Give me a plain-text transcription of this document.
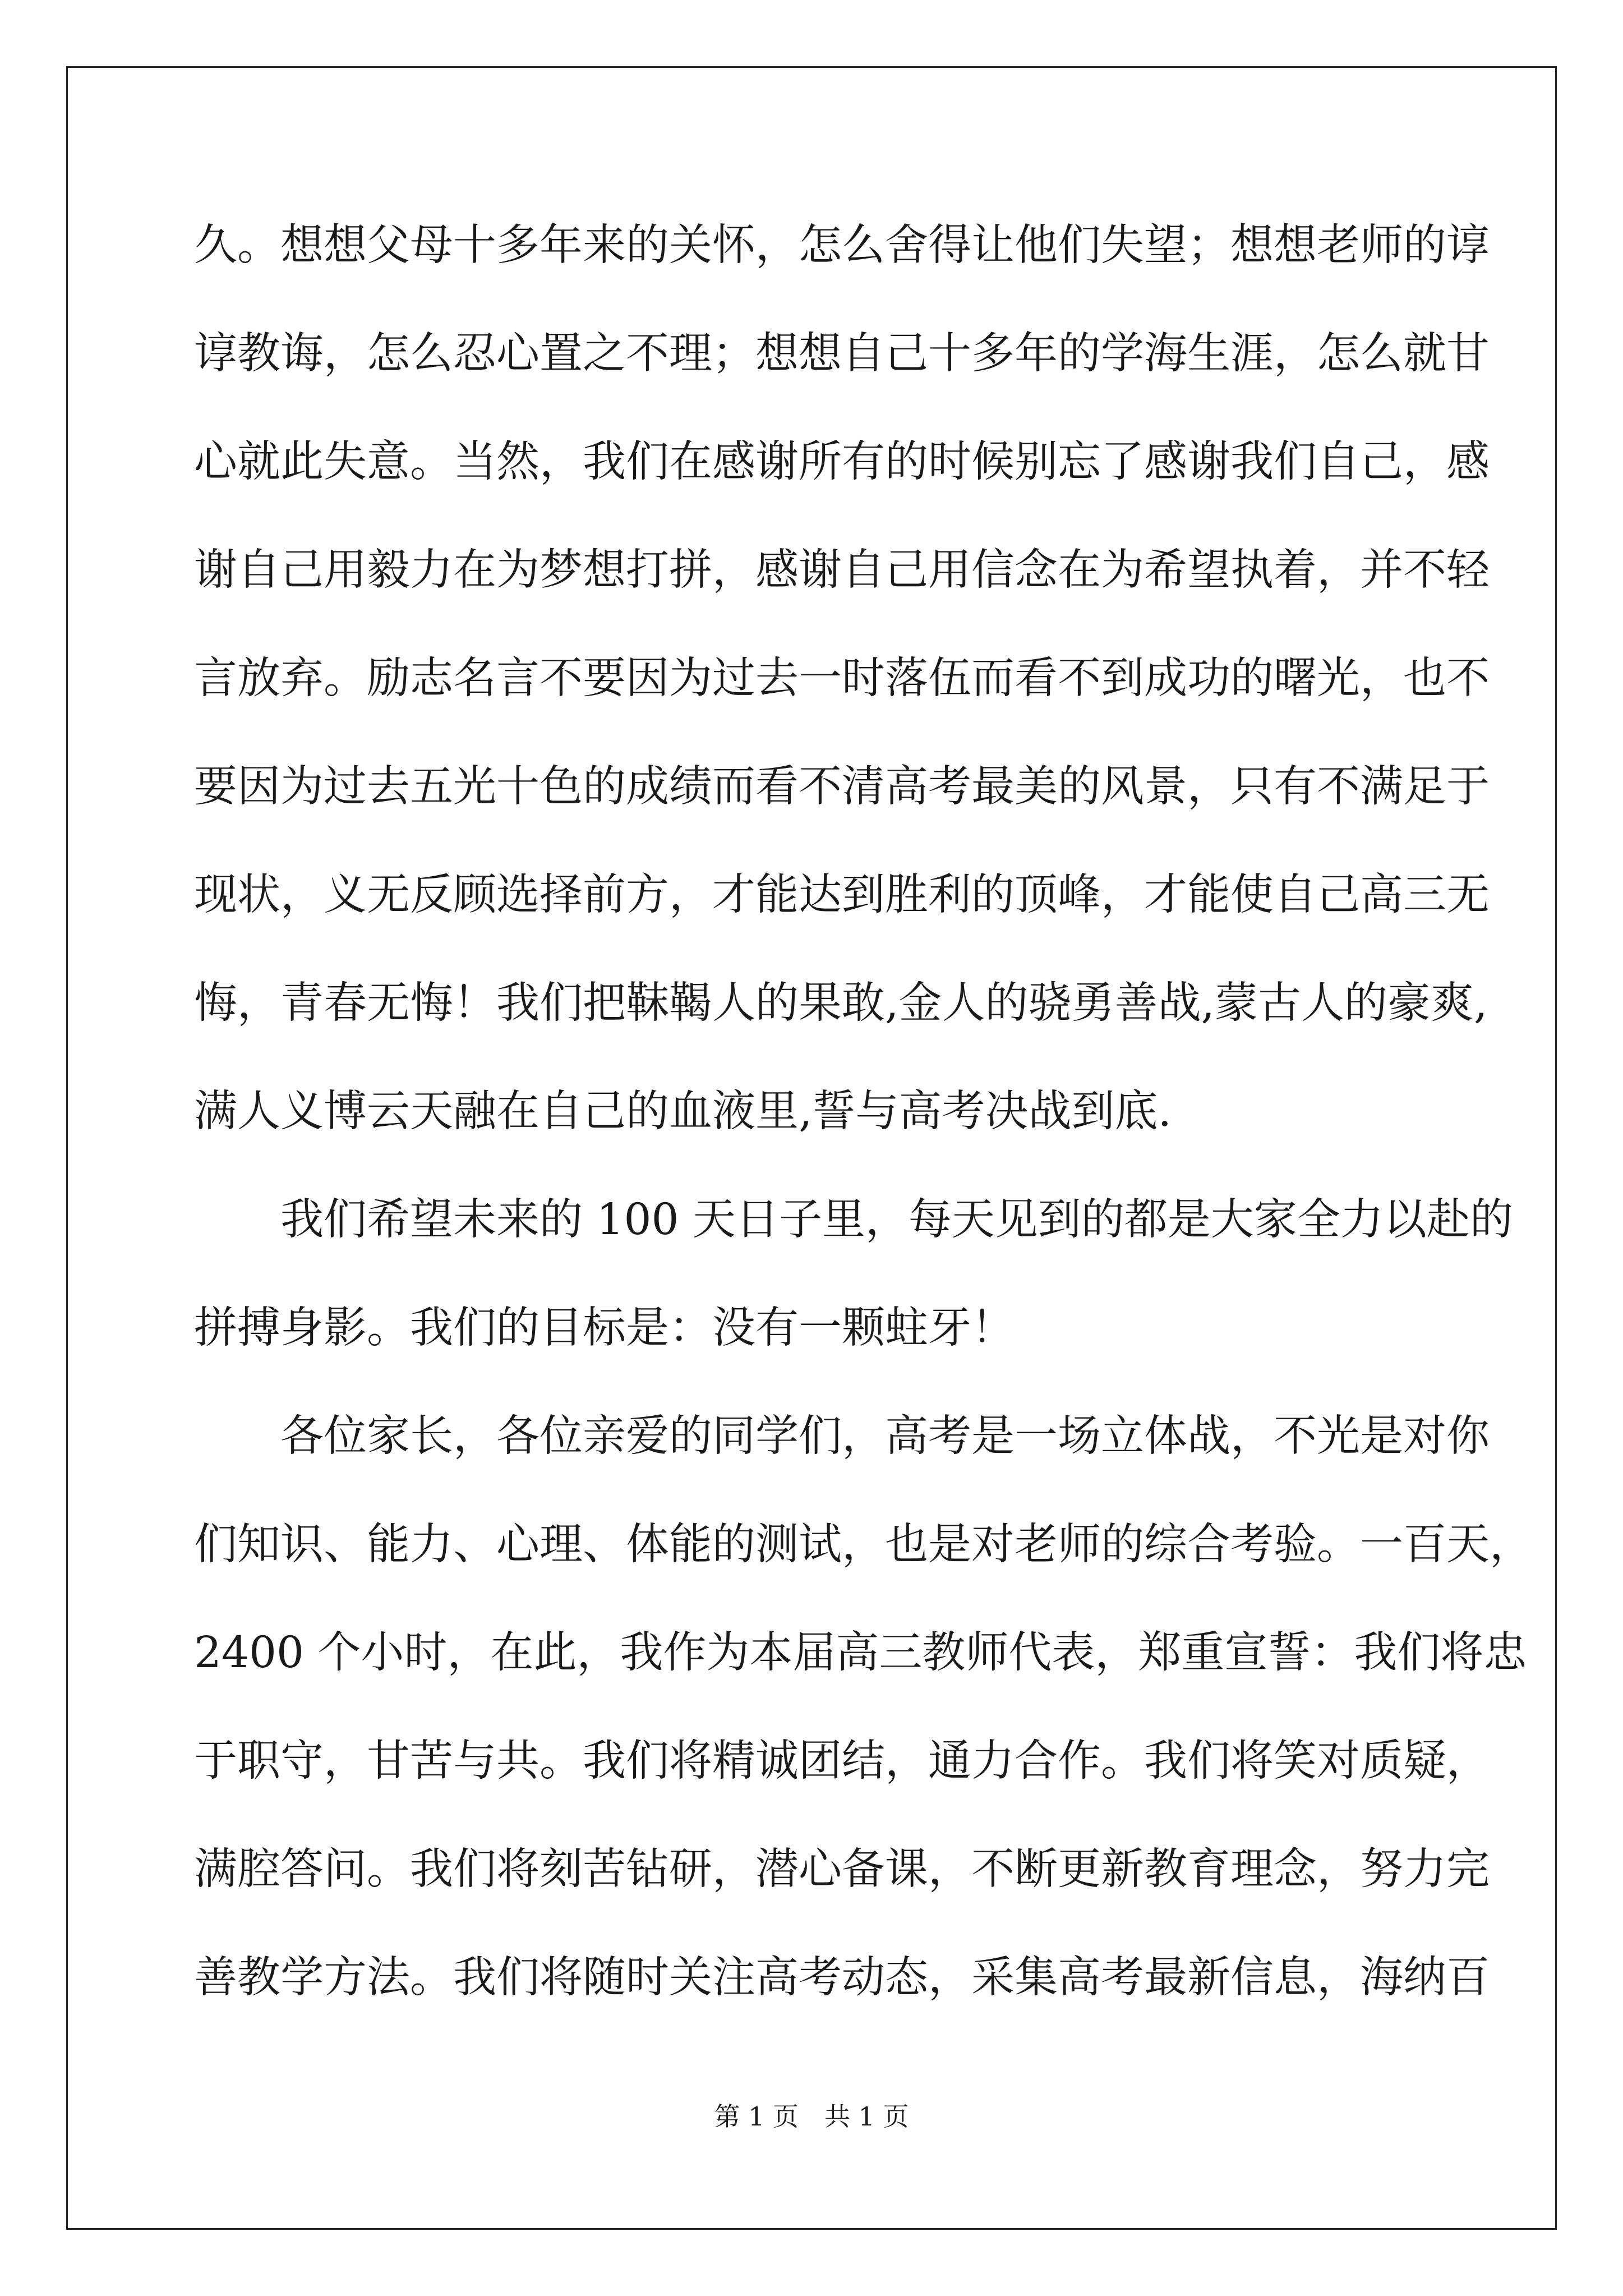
久。想想父母十多年来的关怀，怎么舍得让他们失望；想想老师的谆
谆教诲，怎么忍心置之不理；想想自己十多年的学海生涯，怎么就甘
心就此失意。当然，我们在感谢所有的时候别忘了感谢我们自己，感
谢自己用毅力在为梦想打拼，感谢自己用信念在为希望执着，并不轻
言放弃。励志名言不要因为过去一时落伍而看不到成功的曙光，也不
要因为过去五光十色的成绩而看不清高考最美的风景，只有不满足于
现状，义无反顾选择前方，才能达到胜利的顶峰，才能使自己高三无
悔，青春无悔！我们把靺鞨人的果敢,金人的骁勇善战,蒙古人的豪爽,
满人义博云天融在自己的血液里,誓与高考决战到底.
　　我们希望未来的 100 天日子里，每天见到的都是大家全力以赴的
拼搏身影。我们的目标是：没有一颗蛀牙！
　　各位家长，各位亲爱的同学们，高考是一场立体战，不光是对你
们知识、能力、心理、体能的测试，也是对老师的综合考验。一百天，
2400 个小时，在此，我作为本届高三教师代表，郑重宣誓：我们将忠
于职守，甘苦与共。我们将精诚团结，通力合作。我们将笑对质疑，
满腔答问。我们将刻苦钻研，潜心备课，不断更新教育理念，努力完
善教学方法。我们将随时关注高考动态，采集高考最新信息，海纳百
第 1 页　共 1 页
